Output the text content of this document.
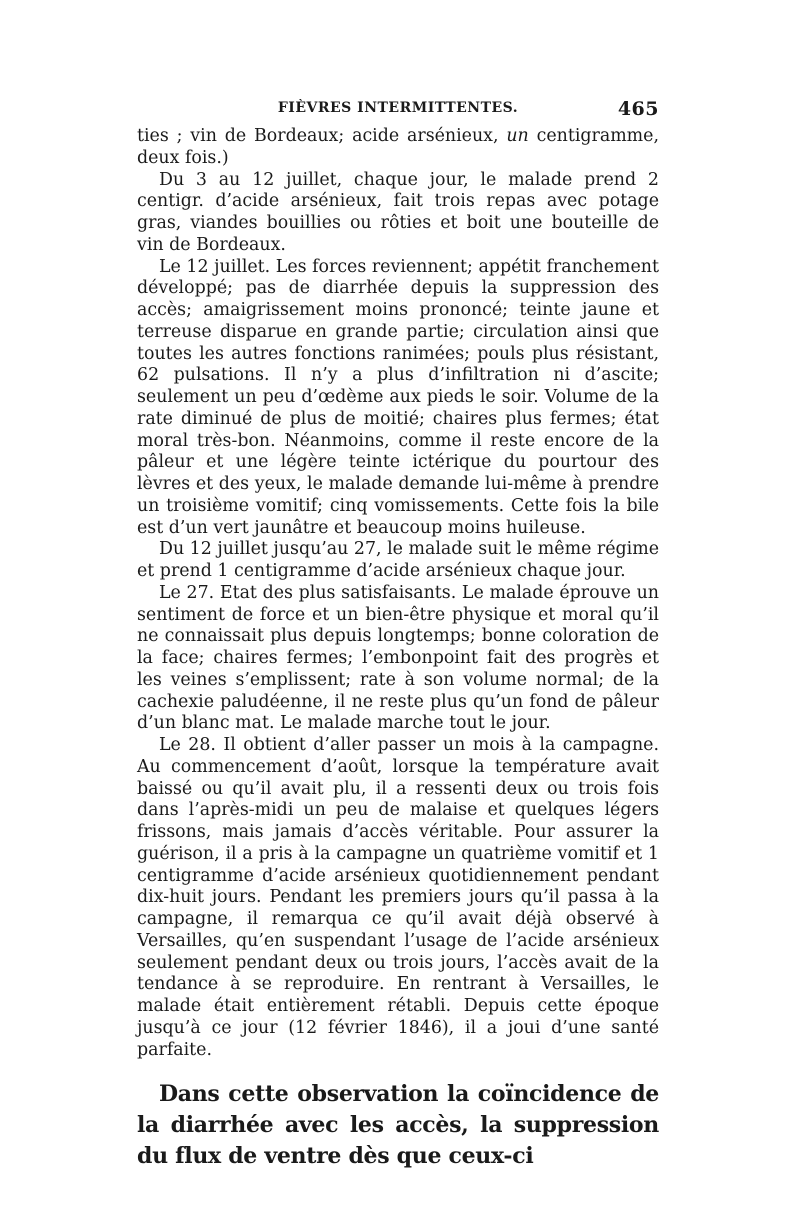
FIÈVRES INTERMITTENTES.	465

ties ; vin de Bordeaux; acide arsénieux, un centigramme, deux fois.)

Du 3 au 12 juillet, chaque jour, le malade prend 2 centigr. d’acide arsénieux, fait trois repas avec potage gras, viandes bouillies ou rôties et boit une bouteille de vin de Bordeaux.

Le 12 juillet. Les forces reviennent; appétit franchement développé; pas de diarrhée depuis la suppression des accès; amaigrissement moins prononcé; teinte jaune et terreuse disparue en grande partie; circulation ainsi que toutes les autres fonctions ranimées; pouls plus résistant, 62 pulsations. Il n’y a plus d’infiltration ni d’ascite; seulement un peu d’œdème aux pieds le soir. Volume de la rate diminué de plus de moitié; chaires plus fermes; état moral très-bon. Néanmoins, comme il reste encore de la pâleur et une légère teinte ictérique du pourtour des lèvres et des yeux, le malade demande lui-même à prendre un troisième vomitif; cinq vomissements. Cette fois la bile est d’un vert jaunâtre et beaucoup moins huileuse.

Du 12 juillet jusqu’au 27, le malade suit le même régime et prend 1 centigramme d’acide arsénieux chaque jour.

Le 27. Etat des plus satisfaisants. Le malade éprouve un sentiment de force et un bien-être physique et moral qu’il ne connaissait plus depuis longtemps; bonne coloration de la face; chaires fermes; l’embonpoint fait des progrès et les veines s’emplissent; rate à son volume normal; de la cachexie paludéenne, il ne reste plus qu’un fond de pâleur d’un blanc mat. Le malade marche tout le jour.

Le 28. Il obtient d’aller passer un mois à la campagne. Au commencement d’août, lorsque la température avait baissé ou qu’il avait plu, il a ressenti deux ou trois fois dans l’après-midi un peu de malaise et quelques légers frissons, mais jamais d’accès véritable. Pour assurer la guérison, il a pris à la campagne un quatrième vomitif et 1 centigramme d’acide arsénieux quotidiennement pendant dix-huit jours. Pendant les premiers jours qu’il passa à la campagne, il remarqua ce qu’il avait déjà observé à Versailles, qu’en suspendant l’usage de l’acide arsénieux seulement pendant deux ou trois jours, l’accès avait de la tendance à se reproduire. En rentrant à Versailles, le malade était entièrement rétabli. Depuis cette époque jusqu’à ce jour (12 février 1846), il a joui d’une santé parfaite.

Dans cette observation la coïncidence de la diarrhée avec les accès, la suppression du flux de ventre dès que ceux-ci
